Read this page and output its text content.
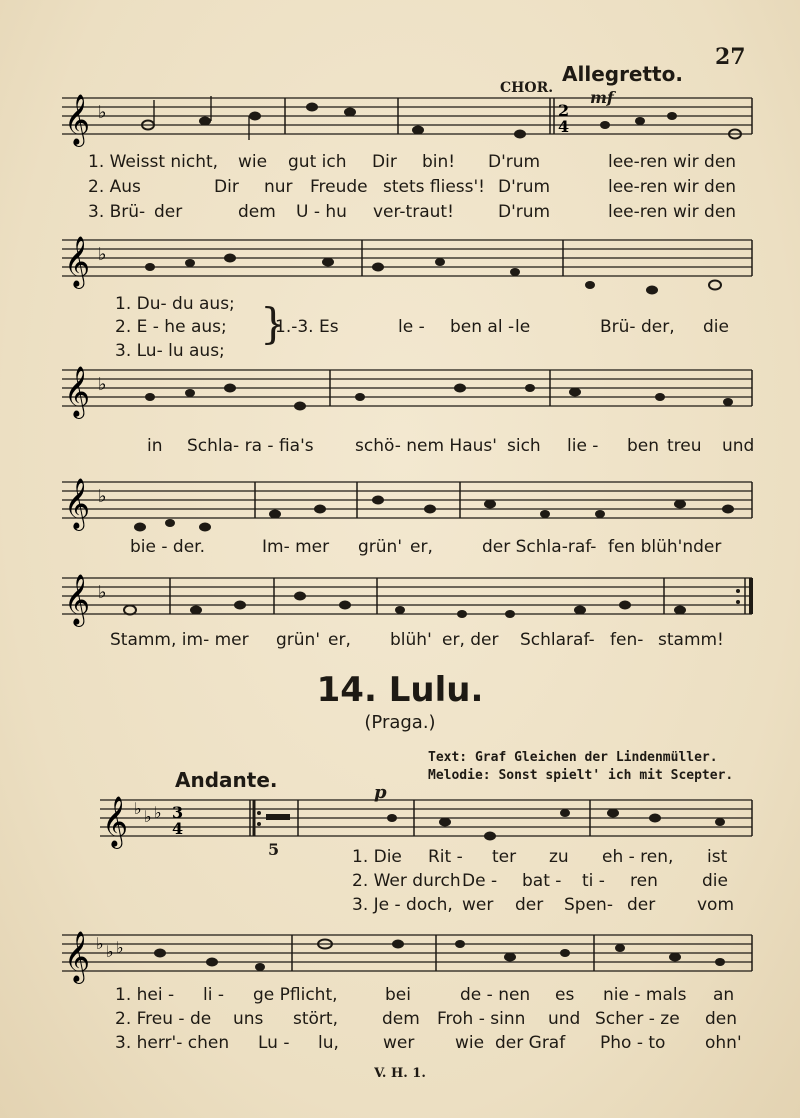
27
CHOR.
Allegretto.
mf
𝄞 ♭	2
4
1. Weisst nicht, wie gut ich Dir bin! D'rum	lee-ren wir den
2. Aus	Dir nur Freude stets fliess'! D'rum	lee-ren wir den
3. Brü- der	dem U - hu ver-traut!	D'rum	lee-ren wir den
𝄞 ♭
1. Du- du aus;
2. E - he aus;
3. Lu- lu aus;
}
1.-3. Es	le - ben al - le	Brü- der, die
𝄞 ♭
in Schla- ra - fia's schö- nem Haus' sich lie - ben treu und
𝄞 ♭
bie - der.	Im- mer grün' er,	der Schla-raf- fen blüh'nder
𝄞 ♭
Stamm, im- mer grün' er, blüh' er, der Schlaraf- fen- stamm!
14. Lulu.
(Praga.)
Text: Graf Gleichen der Lindenmüller.
Melodie: Sonst spielt' ich mit Scepter.
Andante.
p
5
𝄞 ♭ ♭ ♭ 3
4
1. Die Rit - ter zu eh - ren, ist
2. Wer durch De - bat - ti - ren	die
3. Je - doch, wer der Spen- der vom
𝄞 ♭ ♭ ♭
1. hei - li - ge Pflicht,	bei	de - nen es nie - mals an
2. Freu - de uns stört,	dem Froh - sinn und Scher - ze den
3. herr'- chen Lu - lu,	wer wie der Graf Pho - to ohn'
V. H. 1.
